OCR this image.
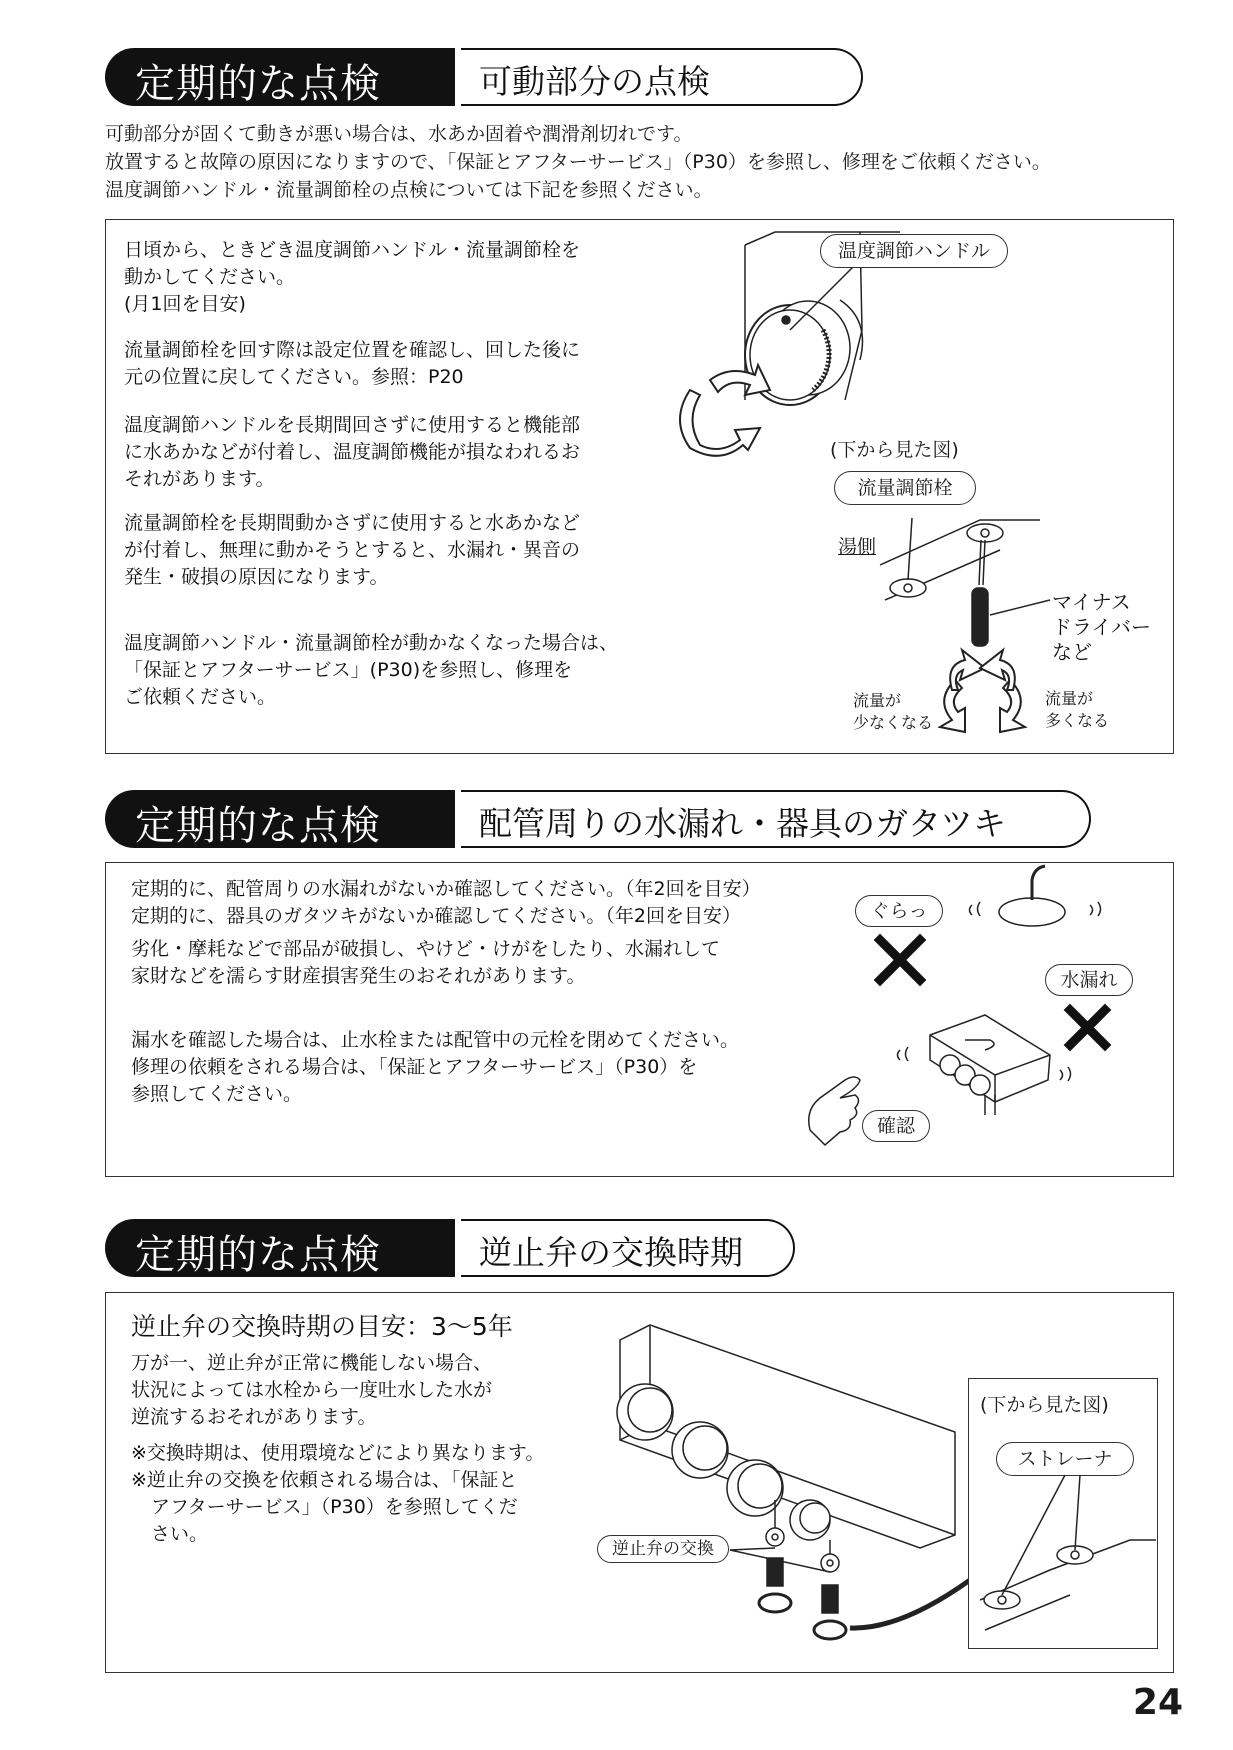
定期的な点検	可動部分の点検
可動部分が固くて動きが悪い場合は、水あか固着や潤滑剤切れです。
放置すると故障の原因になりますので、「保証とアフターサービス」（P30）を参照し、修理をご依頼ください。
温度調節ハンドル・流量調節栓の点検については下記を参照ください。
日頃から、ときどき温度調節ハンドル・流量調節栓を
動かしてください。
(月1回を目安)
流量調節栓を回す際は設定位置を確認し、回した後に
元の位置に戻してください。参照：P20
温度調節ハンドルを長期間回さずに使用すると機能部
に水あかなどが付着し、温度調節機能が損なわれるお
それがあります。
流量調節栓を長期間動かさずに使用すると水あかなど
が付着し、無理に動かそうとすると、水漏れ・異音の
発生・破損の原因になります。
温度調節ハンドル・流量調節栓が動かなくなった場合は、
「保証とアフターサービス」(P30)を参照し、修理を
ご依頼ください。
温度調節ハンドル
(下から見た図)
流量調節栓
湯側
マイナス
ドライバー
など
流量が
少なくなる
流量が
多くなる
定期的な点検	配管周りの水漏れ・器具のガタツキ
定期的に、配管周りの水漏れがないか確認してください。（年2回を目安）
定期的に、器具のガタツキがないか確認してください。（年2回を目安）
劣化・摩耗などで部品が破損し、やけど・けがをしたり、水漏れして
家財などを濡らす財産損害発生のおそれがあります。
漏水を確認した場合は、止水栓または配管中の元栓を閉めてください。
修理の依頼をされる場合は、「保証とアフターサービス」（P30）を
参照してください。
ぐらっ
水漏れ
確認
定期的な点検	逆止弁の交換時期
逆止弁の交換時期の目安：3～5年
万が一、逆止弁が正常に機能しない場合、
状況によっては水栓から一度吐水した水が
逆流するおそれがあります。
※交換時期は、使用環境などにより異なります。
※逆止弁の交換を依頼される場合は、「保証と
アフターサービス」（P30）を参照してくだ
さい。
逆止弁の交換
(下から見た図)
ストレーナ
24
